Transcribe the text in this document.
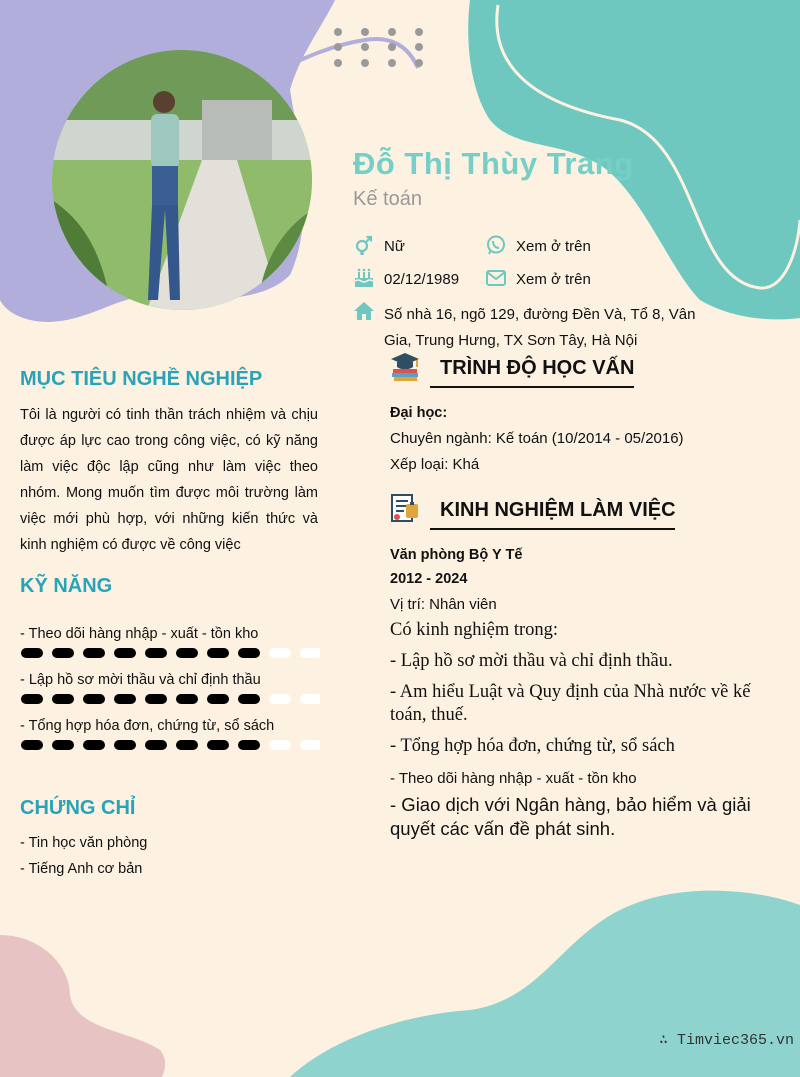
Đỗ Thị Thùy Trang
Kế toán
Nữ	Xem ở trên
02/12/1989	Xem ở trên
Số nhà 16, ngõ 129, đường Đền Và, Tổ 8, Vân Gia, Trung Hưng, TX Sơn Tây, Hà Nội
MỤC TIÊU NGHỀ NGHIỆP
Tôi là người có tinh thần trách nhiệm và chịu được áp lực cao trong công việc, có kỹ năng làm việc độc lập cũng như làm việc theo nhóm. Mong muốn tìm được môi trường làm việc mới phù hợp, với những kiến thức và kinh nghiệm có được về công việc
KỸ NĂNG
- Theo dõi hàng nhập - xuất - tồn kho
- Lập hồ sơ mời thầu và chỉ định thầu
- Tổng hợp hóa đơn, chứng từ, sổ sách
CHỨNG CHỈ
- Tin học văn phòng
- Tiếng Anh cơ bản
TRÌNH ĐỘ HỌC VẤN
Đại học:
Chuyên ngành: Kế toán (10/2014 - 05/2016)
Xếp loại: Khá
KINH NGHIỆM LÀM VIỆC
Văn phòng Bộ Y Tế
2012 - 2024
Vị trí: Nhân viên
Có kinh nghiệm trong:
- Lập hồ sơ mời thầu và chỉ định thầu.
- Am hiểu Luật và Quy định của Nhà nước về kế toán, thuế.
- Tổng hợp hóa đơn, chứng từ, sổ sách
- Theo dõi hàng nhập - xuất - tồn kho
- Giao dịch với Ngân hàng, bảo hiểm và giải quyết các vấn đề phát sinh.
∴ Timviec365.vn
